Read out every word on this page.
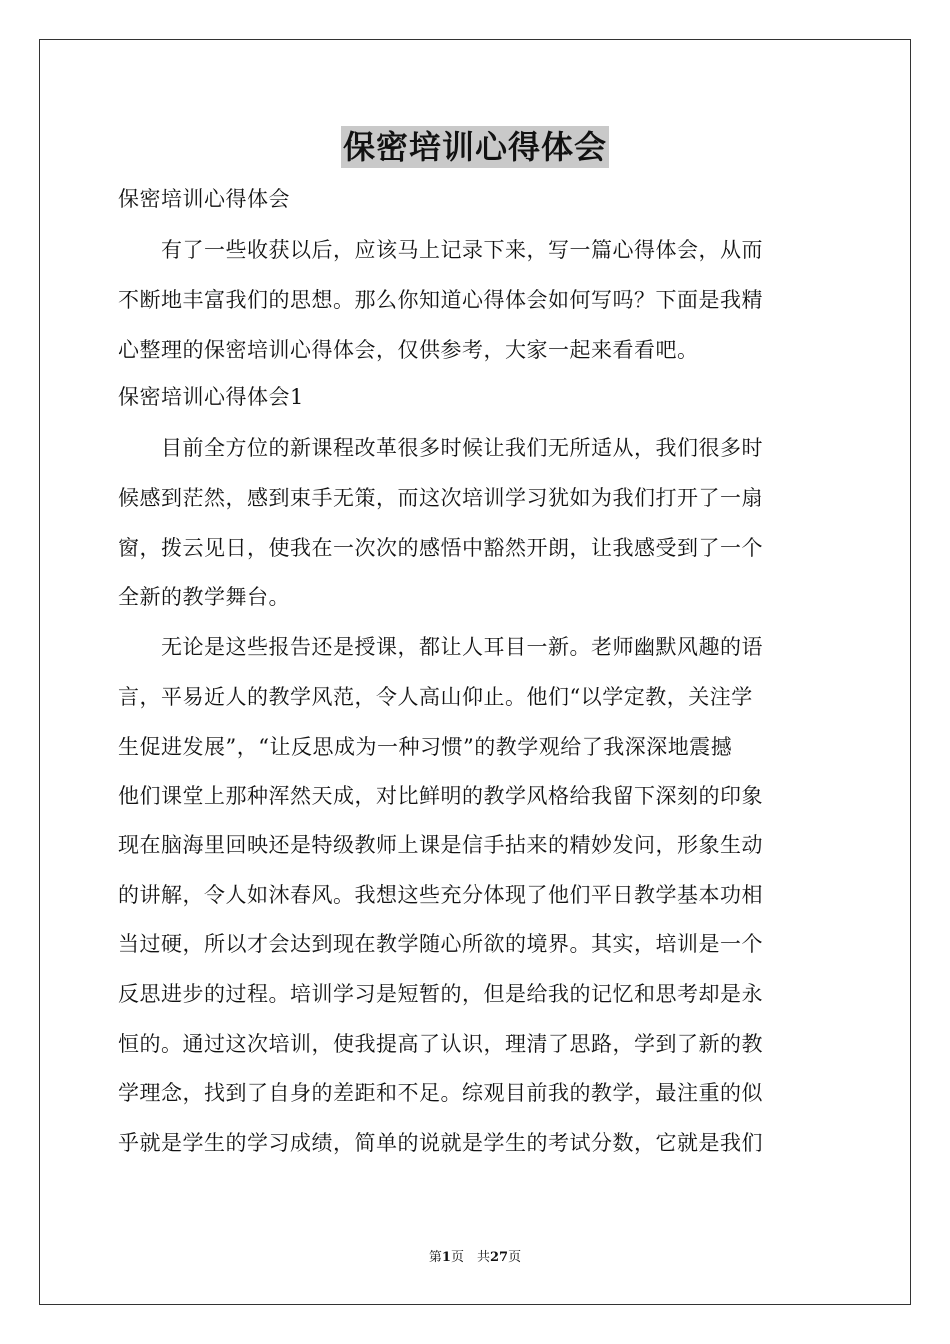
保密培训心得体会
保密培训心得体会
　　有了一些收获以后，应该马上记录下来，写一篇心得体会，从而
不断地丰富我们的思想。那么你知道心得体会如何写吗？下面是我精
心整理的保密培训心得体会，仅供参考，大家一起来看看吧。
保密培训心得体会1
　　目前全方位的新课程改革很多时候让我们无所适从，我们很多时
候感到茫然，感到束手无策，而这次培训学习犹如为我们打开了一扇
窗，拨云见日，使我在一次次的感悟中豁然开朗，让我感受到了一个
全新的教学舞台。
　　无论是这些报告还是授课，都让人耳目一新。老师幽默风趣的语
言，平易近人的教学风范，令人高山仰止。他们“以学定教，关注学
生促进发展”，“让反思成为一种习惯”的教学观给了我深深地震撼
他们课堂上那种浑然天成，对比鲜明的教学风格给我留下深刻的印象
现在脑海里回映还是特级教师上课是信手拈来的精妙发问，形象生动
的讲解，令人如沐春风。我想这些充分体现了他们平日教学基本功相
当过硬，所以才会达到现在教学随心所欲的境界。其实，培训是一个
反思进步的过程。培训学习是短暂的，但是给我的记忆和思考却是永
恒的。通过这次培训，使我提高了认识，理清了思路，学到了新的教
学理念，找到了自身的差距和不足。综观目前我的教学，最注重的似
乎就是学生的学习成绩，简单的说就是学生的考试分数，它就是我们
第1页　共27页
